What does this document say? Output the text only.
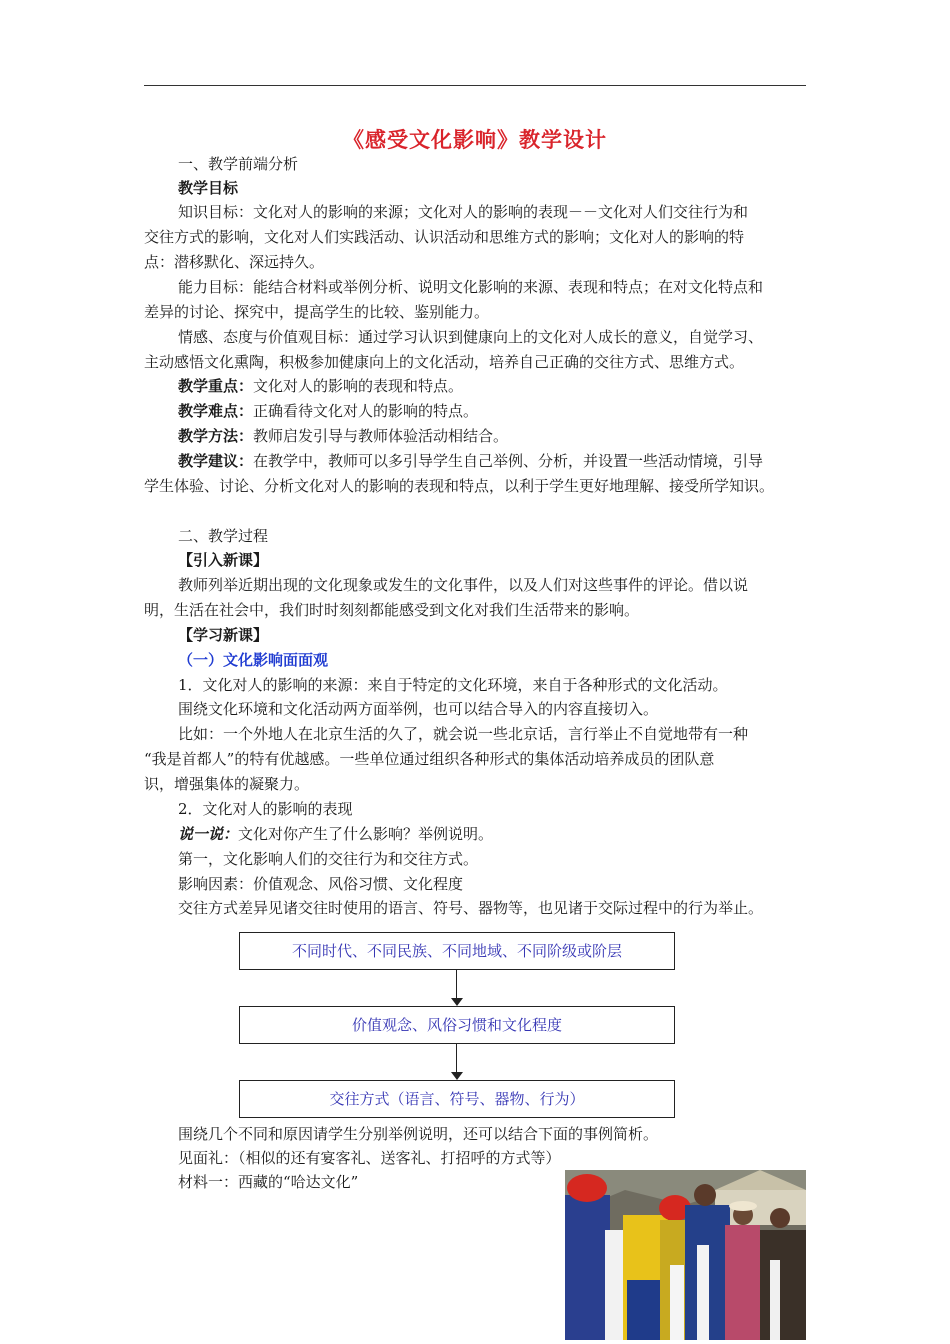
《感受文化影响》教学设计
一、教学前端分析
教学目标
知识目标：文化对人的影响的来源；文化对人的影响的表现－－文化对人们交往行为和
交往方式的影响，文化对人们实践活动、认识活动和思维方式的影响；文化对人的影响的特
点：潜移默化、深远持久。
能力目标：能结合材料或举例分析、说明文化影响的来源、表现和特点；在对文化特点和
差异的讨论、探究中，提高学生的比较、鉴别能力。
情感、态度与价值观目标：通过学习认识到健康向上的文化对人成长的意义，自觉学习、
主动感悟文化熏陶，积极参加健康向上的文化活动，培养自己正确的交往方式、思维方式。
教学重点：文化对人的影响的表现和特点。
教学难点：正确看待文化对人的影响的特点。
教学方法：教师启发引导与教师体验活动相结合。
教学建议：在教学中，教师可以多引导学生自己举例、分析，并设置一些活动情境，引导
学生体验、讨论、分析文化对人的影响的表现和特点，以利于学生更好地理解、接受所学知识。
二、教学过程
【引入新课】
教师列举近期出现的文化现象或发生的文化事件，以及人们对这些事件的评论。借以说
明，生活在社会中，我们时时刻刻都能感受到文化对我们生活带来的影响。
【学习新课】
（一）文化影响面面观
1．文化对人的影响的来源：来自于特定的文化环境，来自于各种形式的文化活动。
围绕文化环境和文化活动两方面举例，也可以结合导入的内容直接切入。
比如：一个外地人在北京生活的久了，就会说一些北京话，言行举止不自觉地带有一种
“我是首都人”的特有优越感。一些单位通过组织各种形式的集体活动培养成员的团队意
识，增强集体的凝聚力。
2．文化对人的影响的表现
说一说：文化对你产生了什么影响？举例说明。
第一，文化影响人们的交往行为和交往方式。
影响因素：价值观念、风俗习惯、文化程度
交往方式差异见诸交往时使用的语言、符号、器物等，也见诸于交际过程中的行为举止。
不同时代、不同民族、不同地域、不同阶级或阶层
价值观念、风俗习惯和文化程度
交往方式（语言、符号、器物、行为）
围绕几个不同和原因请学生分别举例说明，还可以结合下面的事例简析。
见面礼：（相似的还有宴客礼、送客礼、打招呼的方式等）
材料一：西藏的“哈达文化”
